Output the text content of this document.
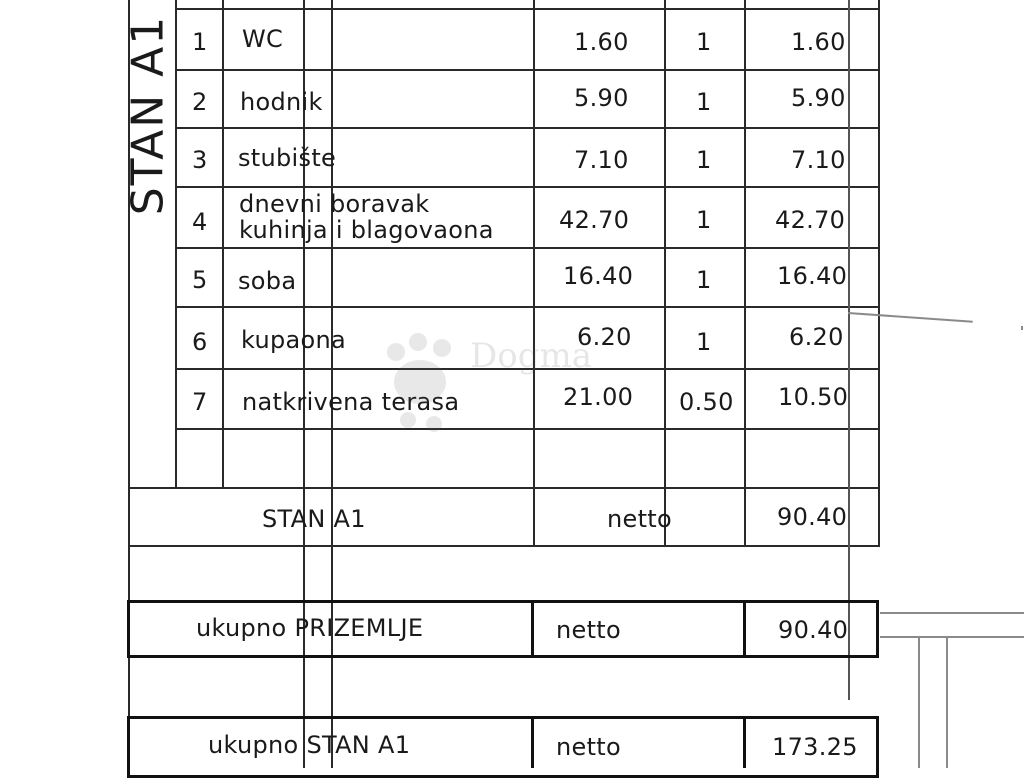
STAN A1 1 WC	1.60	1	1.60
2 hodnik	5.90	1	5.90
3 stubište	7.10	1	7.10
4
dnevni boravak
kuhinja i blagovaona	42.70	1	42.70
5 soba	16.40	1	16.40
6 kupaona	6.20	1	6.20
7 natkrivena terasa	21.00 0.50 10.50
STAN A1	netto	90.40
ukupno PRIZEMLJE	netto	90.40
ukupno STAN A1	netto	173.25
Dogma
